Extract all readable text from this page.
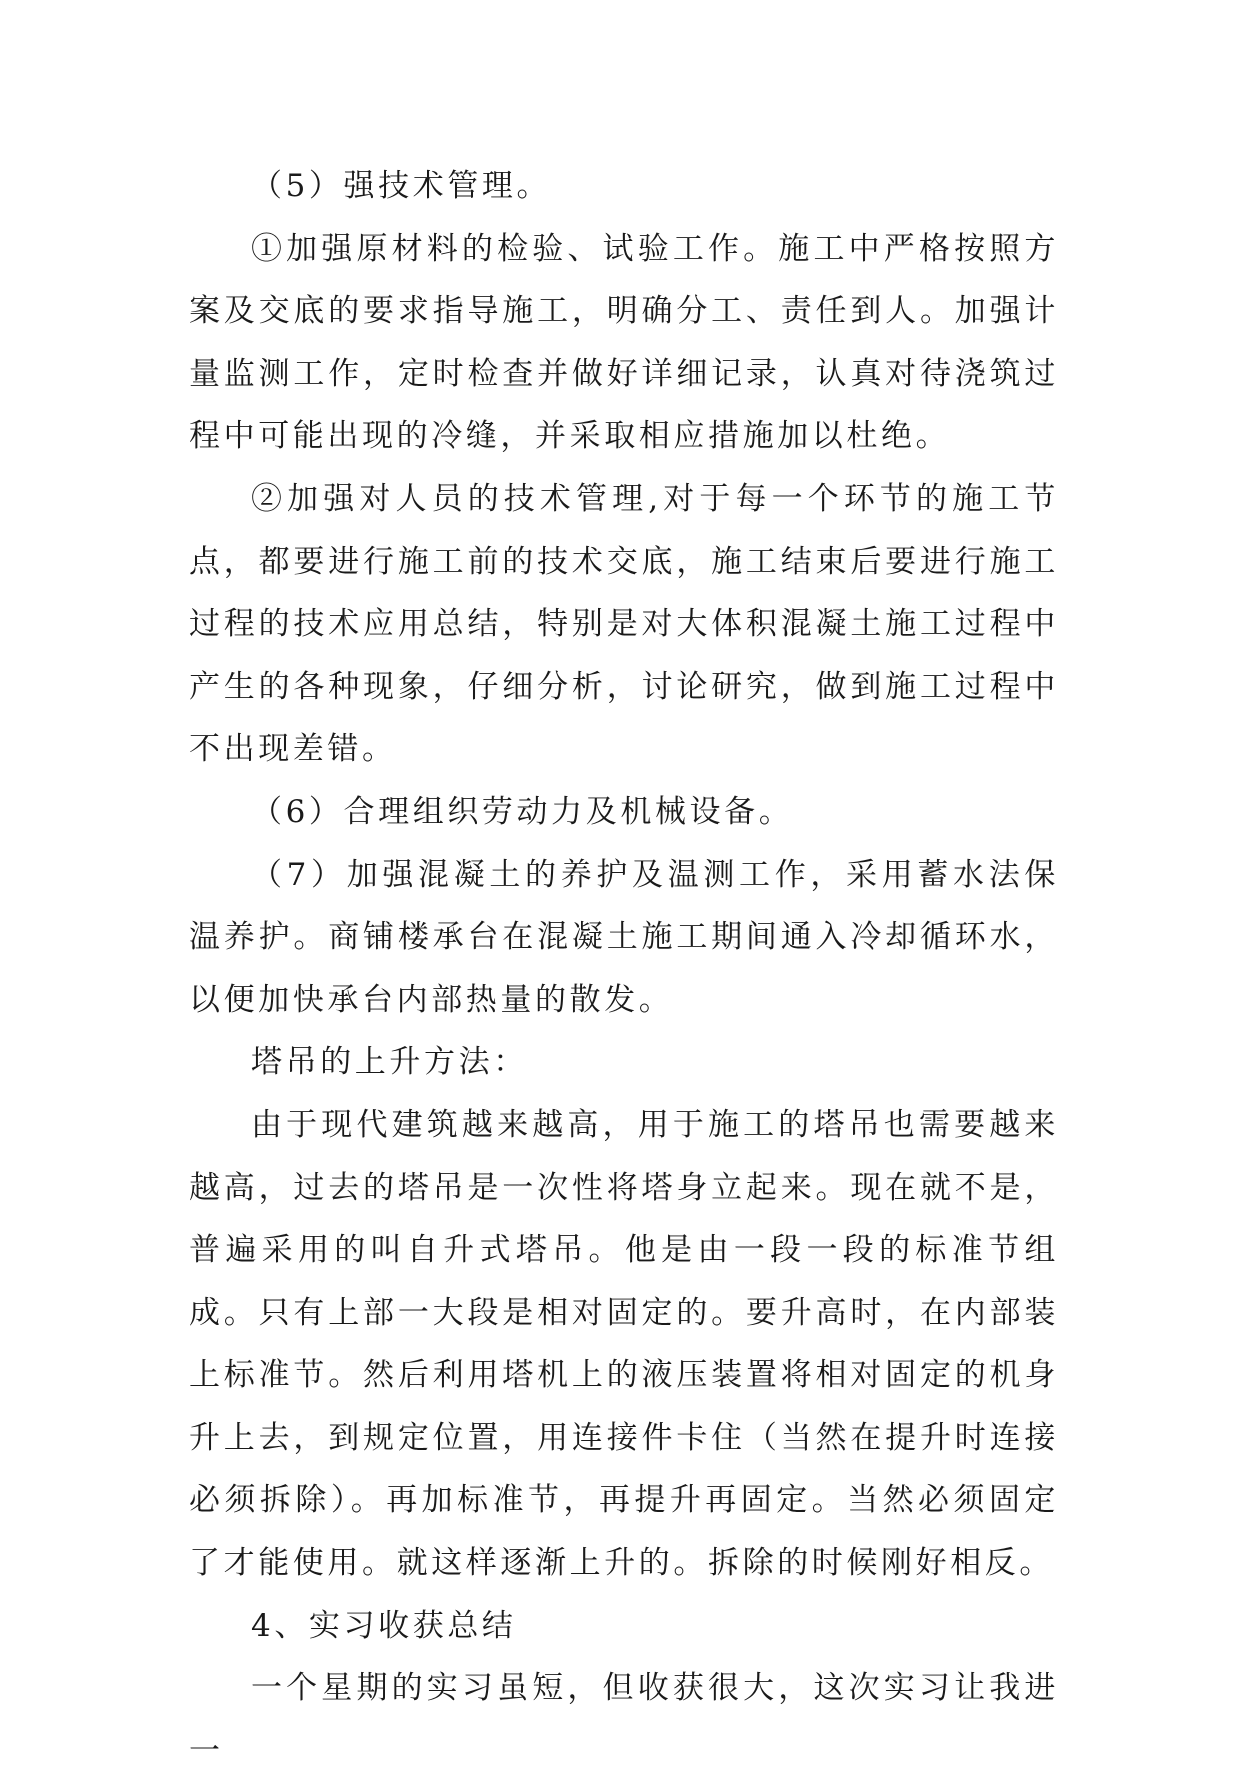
（5）强技术管理。

①加强原材料的检验、试验工作。施工中严格按照方案及交底的要求指导施工，明确分工、责任到人。加强计量监测工作，定时检查并做好详细记录，认真对待浇筑过程中可能出现的冷缝，并采取相应措施加以杜绝。

②加强对人员的技术管理,对于每一个环节的施工节点，都要进行施工前的技术交底，施工结束后要进行施工过程的技术应用总结，特别是对大体积混凝土施工过程中产生的各种现象，仔细分析，讨论研究，做到施工过程中不出现差错。

（6）合理组织劳动力及机械设备。

（7）加强混凝土的养护及温测工作，采用蓄水法保温养护。商铺楼承台在混凝土施工期间通入冷却循环水，以便加快承台内部热量的散发。

塔吊的上升方法：

由于现代建筑越来越高，用于施工的塔吊也需要越来越高，过去的塔吊是一次性将塔身立起来。现在就不是，普遍采用的叫自升式塔吊。他是由一段一段的标准节组成。只有上部一大段是相对固定的。要升高时，在内部装上标准节。然后利用塔机上的液压装置将相对固定的机身升上去，到规定位置，用连接件卡住（当然在提升时连接必须拆除）。再加标准节，再提升再固定。当然必须固定了才能使用。就这样逐渐上升的。拆除的时候刚好相反。

4、实习收获总结

一个星期的实习虽短，但收获很大，这次实习让我进一
